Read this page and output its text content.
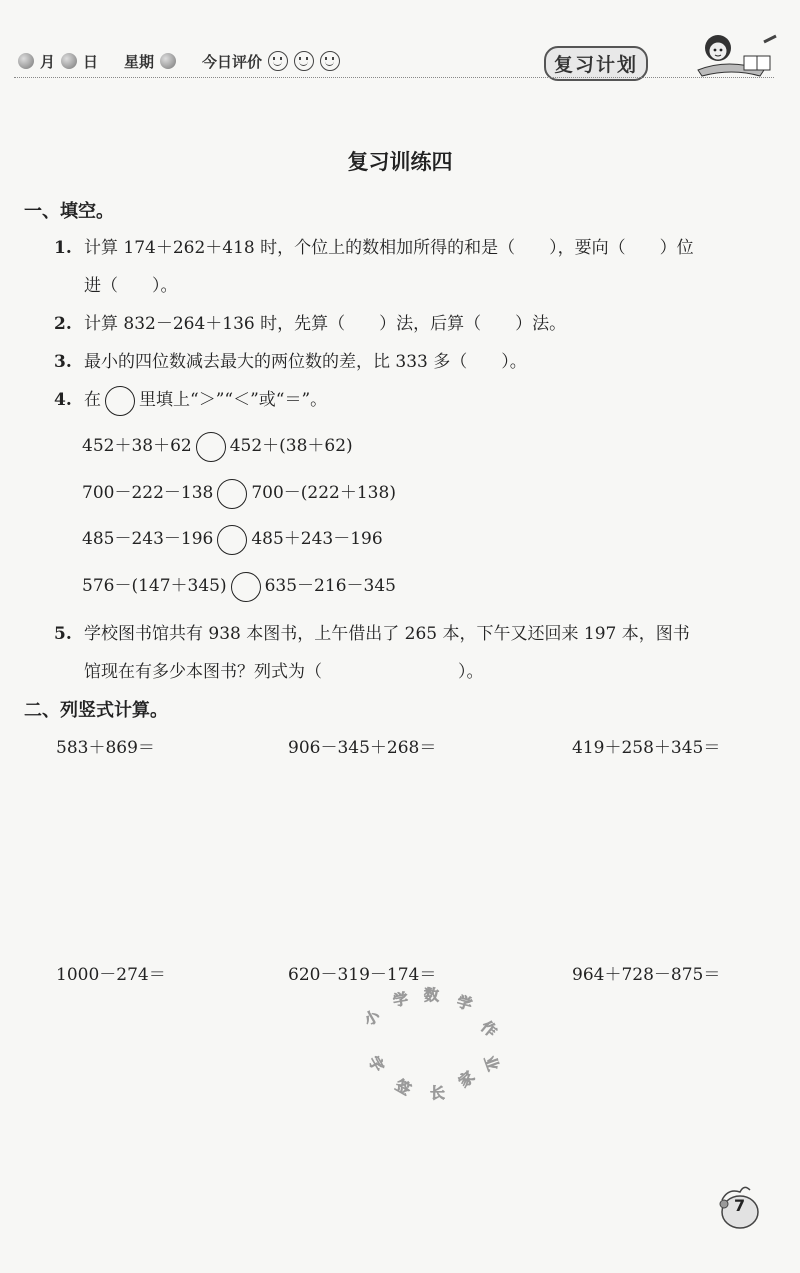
月 日 星期	今日评价	复习计划
复习训练四
一、填空。
1. 计算 174＋262＋418 时，个位上的数相加所得的和是（　　），要向（　　）位
进（　　）。
2. 计算 832－264＋136 时，先算（　　）法，后算（　　）法。
3. 最小的四位数减去最大的两位数的差，比 333 多（　　）。
4. 在 里填上“＞”“＜”或“＝”。
452＋38＋62 452＋(38＋62)
700－222－138 700－(222＋138)
485－243－196 485＋243－196
576－(147＋345) 635－216－345
5. 学校图书馆共有 938 本图书，上午借出了 265 本，下午又还回来 197 本，图书
馆现在有多少本图书？列式为（　　　　　　　　）。
二、列竖式计算。
583＋869＝	906－345＋268＝	419＋258＋345＝
1000－274＝	620－319－174＝	964＋728－875＝
小
学 数 学
作
业
家
长
签
字
7
